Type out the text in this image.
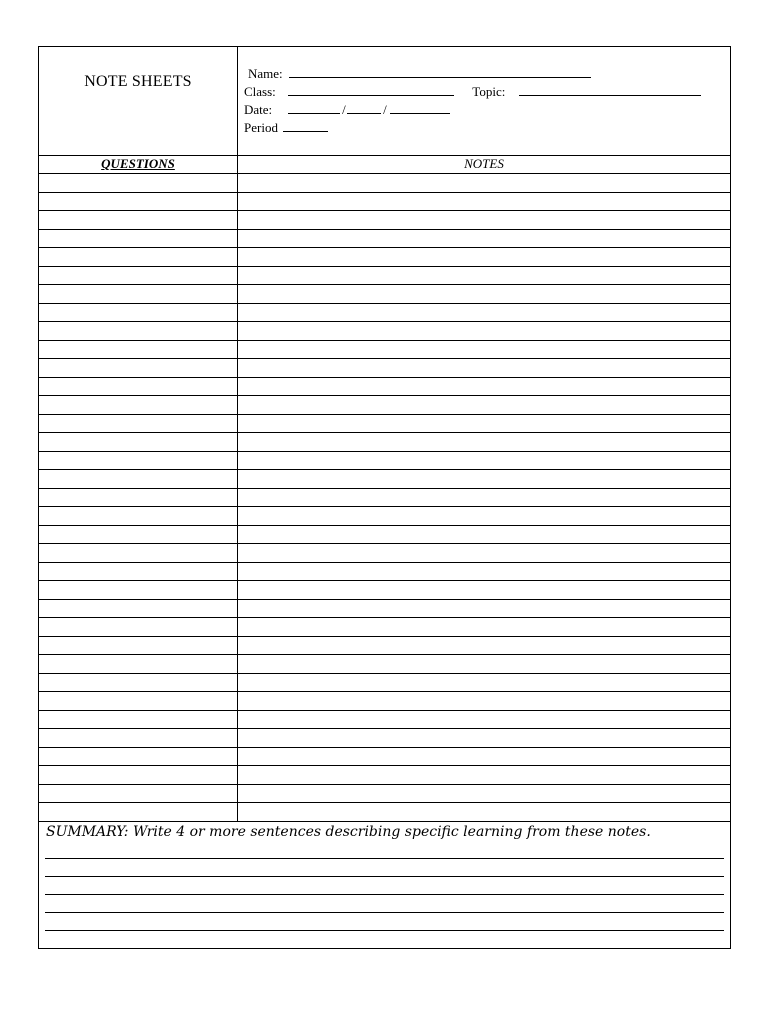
NOTE SHEETS	Name:
Class:	Topic:
Date:	/	/
Period
QUESTIONS	NOTES
SUMMARY: Write 4 or more sentences describing specific learning from these notes.
